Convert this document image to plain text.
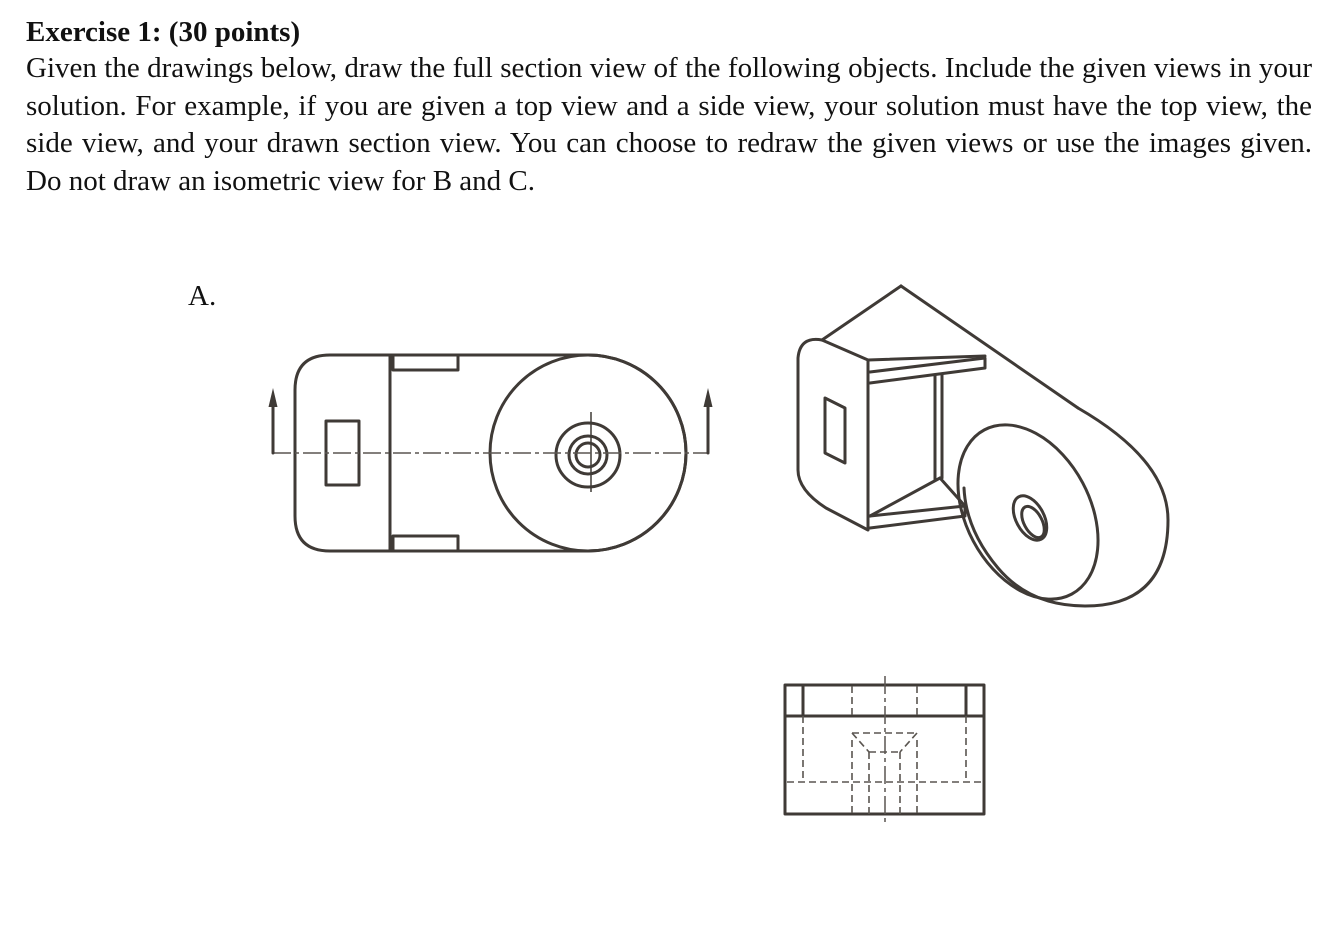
Exercise 1: (30 points)

Given the drawings below, draw the full section view of the following objects. Include the given views in your solution. For example, if you are given a top view and a side view, your solution must have the top view, the side view, and your drawn section view. You can choose to redraw the given views or use the images given. Do not draw an isometric view for B and C.

A.
